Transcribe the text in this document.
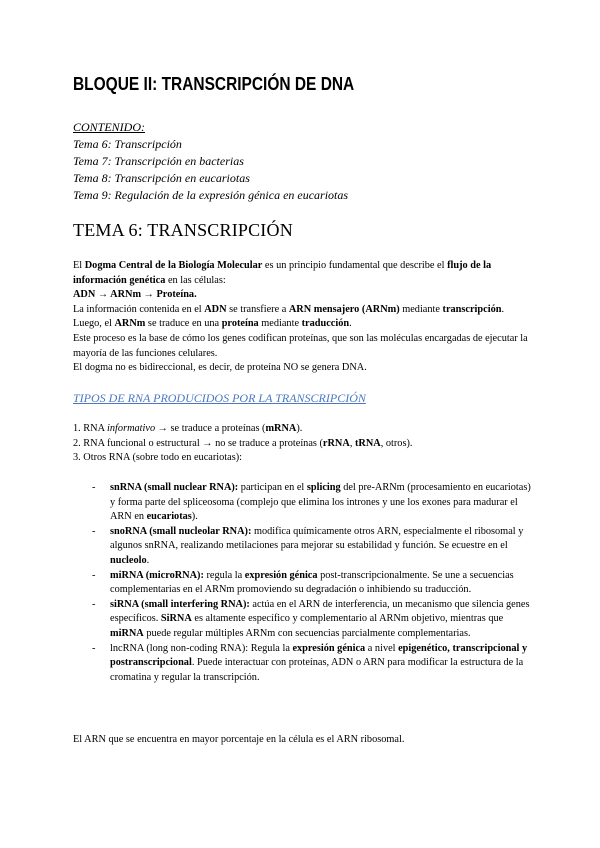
BLOQUE II: TRANSCRIPCIÓN DE DNA
CONTENIDO:
Tema 6: Transcripción
Tema 7: Transcripción en bacterias
Tema 8: Transcripción en eucariotas
Tema 9: Regulación de la expresión génica en eucariotas
TEMA 6: TRANSCRIPCIÓN

El Dogma Central de la Biología Molecular es un principio fundamental que describe el flujo de la información genética en las células:

ADN → ARNm → Proteína.

La información contenida en el ADN se transfiere a ARN mensajero (ARNm) mediante transcripción. Luego, el ARNm se traduce en una proteína mediante traducción.

Este proceso es la base de cómo los genes codifican proteínas, que son las moléculas encargadas de ejecutar la mayoría de las funciones celulares.

El dogma no es bidireccional, es decir, de proteína NO se genera DNA.

TIPOS DE RNA PRODUCIDOS POR LA TRANSCRIPCIÓN

1. RNA informativo → se traduce a proteínas (mRNA).

2. RNA funcional o estructural → no se traduce a proteínas (rRNA, tRNA, otros).

3. Otros RNA (sobre todo en eucariotas):

- snRNA (small nuclear RNA): participan en el splicing del pre-ARNm (procesamiento en eucariotas) y forma parte del spliceosoma (complejo que elimina los intrones y une los exones para madurar el ARN en eucariotas).
- snoRNA (small nucleolar RNA): modifica químicamente otros ARN, especialmente el ribosomal y algunos snRNA, realizando metilaciones para mejorar su estabilidad y función. Se ecuestre en el nucleolo.
- miRNA (microRNA): regula la expresión génica post-transcripcionalmente. Se une a secuencias complementarias en el ARNm promoviendo su degradación o inhibiendo su traducción.
- siRNA (small interfering RNA): actúa en el ARN de interferencia, un mecanismo que silencia genes específicos. SiRNA es altamente específico y complementario al ARNm objetivo, mientras que miRNA puede regular múltiples ARNm con secuencias parcialmente complementarias.
- lncRNA (long non-coding RNA): Regula la expresión génica a nivel epigenético, transcripcional y postranscripcional. Puede interactuar con proteínas, ADN o ARN para modificar la estructura de la cromatina y regular la transcripción.
El ARN que se encuentra en mayor porcentaje en la célula es el ARN ribosomal.
